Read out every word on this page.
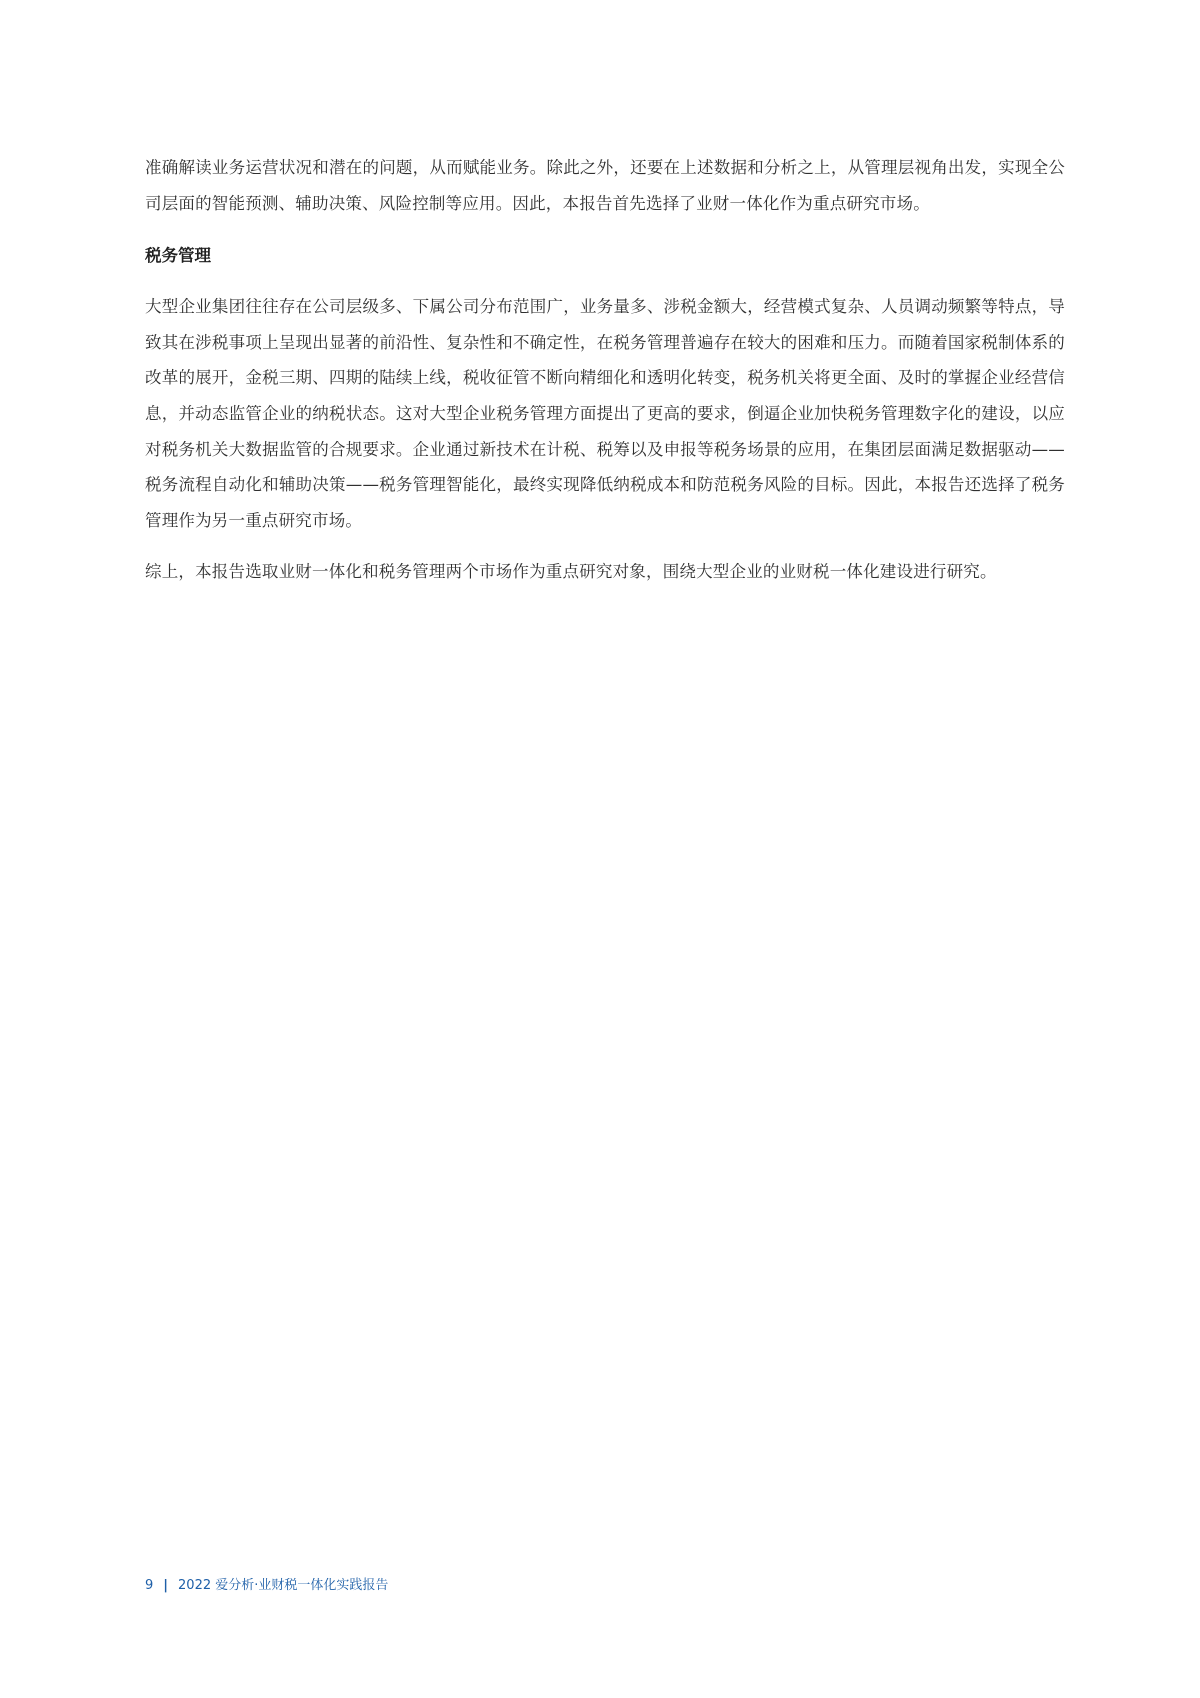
准确解读业务运营状况和潜在的问题，从而赋能业务。除此之外，还要在上述数据和分析之上，从管理层视角出发，实现全公司层面的智能预测、辅助决策、风险控制等应用。因此，本报告首先选择了业财一体化作为重点研究市场。

税务管理

大型企业集团往往存在公司层级多、下属公司分布范围广，业务量多、涉税金额大，经营模式复杂、人员调动频繁等特点，导致其在涉税事项上呈现出显著的前沿性、复杂性和不确定性，在税务管理普遍存在较大的困难和压力。而随着国家税制体系的改革的展开，金税三期、四期的陆续上线，税收征管不断向精细化和透明化转变，税务机关将更全面、及时的掌握企业经营信息，并动态监管企业的纳税状态。这对大型企业税务管理方面提出了更高的要求，倒逼企业加快税务管理数字化的建设，以应对税务机关大数据监管的合规要求。企业通过新技术在计税、税筹以及申报等税务场景的应用，在集团层面满足数据驱动——税务流程自动化和辅助决策——税务管理智能化，最终实现降低纳税成本和防范税务风险的目标。因此，本报告还选择了税务管理作为另一重点研究市场。

综上，本报告选取业财一体化和税务管理两个市场作为重点研究对象，围绕大型企业的业财税一体化建设进行研究。

9 | 2022 爱分析·业财税一体化实践报告
